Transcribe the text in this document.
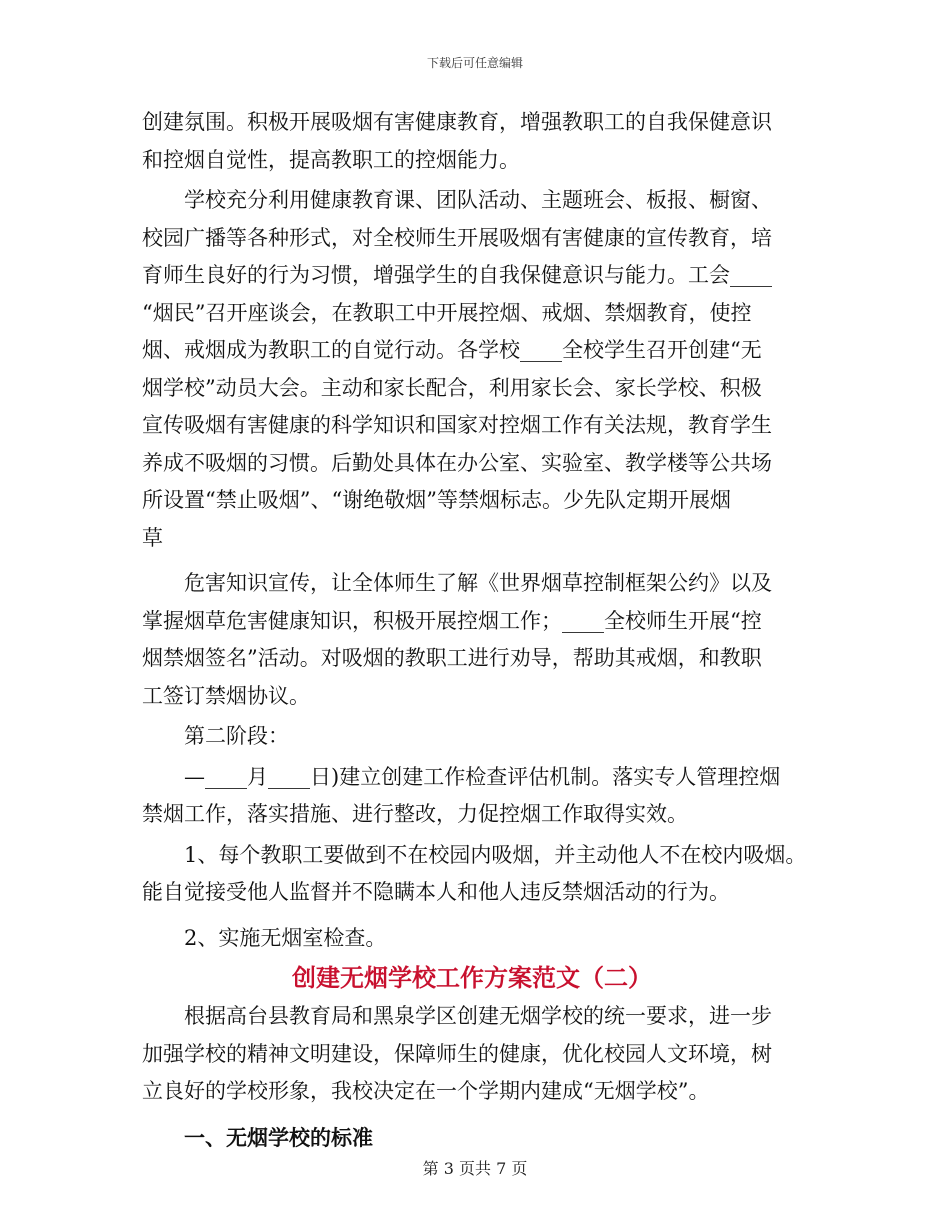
下载后可任意编辑
创建氛围。积极开展吸烟有害健康教育，增强教职工的自我保健意识
和控烟自觉性，提高教职工的控烟能力。
学校充分利用健康教育课、团队活动、主题班会、板报、橱窗、
校园广播等各种形式，对全校师生开展吸烟有害健康的宣传教育，培
育师生良好的行为习惯，增强学生的自我保健意识与能力。工会____
“烟民”召开座谈会，在教职工中开展控烟、戒烟、禁烟教育，使控
烟、戒烟成为教职工的自觉行动。各学校____全校学生召开创建“无
烟学校”动员大会。主动和家长配合，利用家长会、家长学校、积极
宣传吸烟有害健康的科学知识和国家对控烟工作有关法规，教育学生
养成不吸烟的习惯。后勤处具体在办公室、实验室、教学楼等公共场
所设置“禁止吸烟”、“谢绝敬烟”等禁烟标志。少先队定期开展烟
草
危害知识宣传，让全体师生了解《世界烟草控制框架公约》以及
掌握烟草危害健康知识，积极开展控烟工作；____全校师生开展“控
烟禁烟签名”活动。对吸烟的教职工进行劝导，帮助其戒烟，和教职
工签订禁烟协议。
第二阶段：
—____月____日)建立创建工作检查评估机制。落实专人管理控烟
禁烟工作，落实措施、进行整改，力促控烟工作取得实效。
1、每个教职工要做到不在校园内吸烟，并主动他人不在校内吸烟。
能自觉接受他人监督并不隐瞒本人和他人违反禁烟活动的行为。
2、实施无烟室检查。
创建无烟学校工作方案范文（二）
根据高台县教育局和黑泉学区创建无烟学校的统一要求，进一步
加强学校的精神文明建设，保障师生的健康，优化校园人文环境，树
立良好的学校形象，我校决定在一个学期内建成“无烟学校”。
一、无烟学校的标准
第 3 页共 7 页
